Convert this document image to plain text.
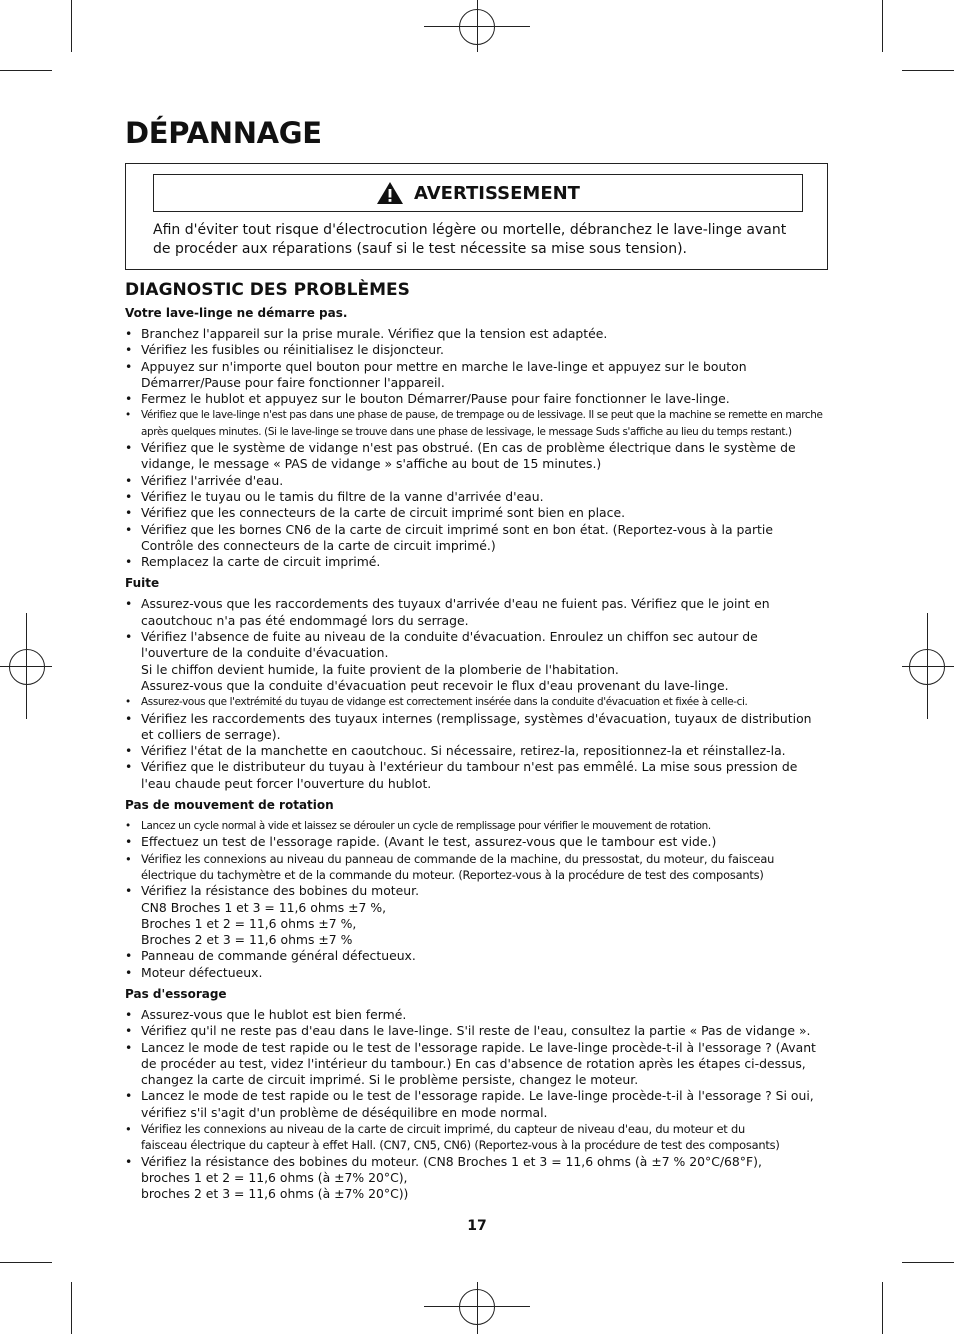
DÉPANNAGE
AVERTISSEMENT
Afin d'éviter tout risque d'électrocution légère ou mortelle, débranchez le lave-linge avant de procéder aux réparations (sauf si le test nécessite sa mise sous tension).
DIAGNOSTIC DES PROBLÈMES
Votre lave-linge ne démarre pas.
• Branchez l'appareil sur la prise murale. Vérifiez que la tension est adaptée.
• Vérifiez les fusibles ou réinitialisez le disjoncteur.
• Appuyez sur n'importe quel bouton pour mettre en marche le lave-linge et appuyez sur le bouton
Démarrer/Pause pour faire fonctionner l'appareil.
• Fermez le hublot et appuyez sur le bouton Démarrer/Pause pour faire fonctionner le lave-linge.
• Vérifiez que le lave-linge n'est pas dans une phase de pause, de trempage ou de lessivage. Il se peut que la machine se remette en marche
après quelques minutes. (Si le lave-linge se trouve dans une phase de lessivage, le message Suds s'affiche au lieu du temps restant.)
• Vérifiez que le système de vidange n'est pas obstrué. (En cas de problème électrique dans le système de
vidange, le message « PAS de vidange » s'affiche au bout de 15 minutes.)
• Vérifiez l'arrivée d'eau.
• Vérifiez le tuyau ou le tamis du filtre de la vanne d'arrivée d'eau.
• Vérifiez que les connecteurs de la carte de circuit imprimé sont bien en place.
• Vérifiez que les bornes CN6 de la carte de circuit imprimé sont en bon état. (Reportez-vous à la partie
Contrôle des connecteurs de la carte de circuit imprimé.)
• Remplacez la carte de circuit imprimé.
Fuite
• Assurez-vous que les raccordements des tuyaux d'arrivée d'eau ne fuient pas. Vérifiez que le joint en
caoutchouc n'a pas été endommagé lors du serrage.
• Vérifiez l'absence de fuite au niveau de la conduite d'évacuation. Enroulez un chiffon sec autour de
l'ouverture de la conduite d'évacuation.
Si le chiffon devient humide, la fuite provient de la plomberie de l'habitation.
Assurez-vous que la conduite d'évacuation peut recevoir le flux d'eau provenant du lave-linge.
• Assurez-vous que l'extrémité du tuyau de vidange est correctement insérée dans la conduite d'évacuation et fixée à celle-ci.
• Vérifiez les raccordements des tuyaux internes (remplissage, systèmes d'évacuation, tuyaux de distribution
et colliers de serrage).
• Vérifiez l'état de la manchette en caoutchouc. Si nécessaire, retirez-la, repositionnez-la et réinstallez-la.
• Vérifiez que le distributeur du tuyau à l'extérieur du tambour n'est pas emmêlé. La mise sous pression de
l'eau chaude peut forcer l'ouverture du hublot.
Pas de mouvement de rotation
• Lancez un cycle normal à vide et laissez se dérouler un cycle de remplissage pour vérifier le mouvement de rotation.
• Effectuez un test de l'essorage rapide. (Avant le test, assurez-vous que le tambour est vide.)
• Vérifiez les connexions au niveau du panneau de commande de la machine, du pressostat, du moteur, du faisceau
électrique du tachymètre et de la commande du moteur. (Reportez-vous à la procédure de test des composants)
• Vérifiez la résistance des bobines du moteur.
CN8 Broches 1 et 3 = 11,6 ohms ±7 %,
Broches 1 et 2 = 11,6 ohms ±7 %,
Broches 2 et 3 = 11,6 ohms ±7 %
• Panneau de commande général défectueux.
• Moteur défectueux.
Pas d'essorage
• Assurez-vous que le hublot est bien fermé.
• Vérifiez qu'il ne reste pas d'eau dans le lave-linge. S'il reste de l'eau, consultez la partie « Pas de vidange ».
• Lancez le mode de test rapide ou le test de l'essorage rapide. Le lave-linge procède-t-il à l'essorage ? (Avant
de procéder au test, videz l'intérieur du tambour.) En cas d'absence de rotation après les étapes ci-dessus,
changez la carte de circuit imprimé. Si le problème persiste, changez le moteur.
• Lancez le mode de test rapide ou le test de l'essorage rapide. Le lave-linge procède-t-il à l'essorage ? Si oui,
vérifiez s'il s'agit d'un problème de déséquilibre en mode normal.
• Vérifiez les connexions au niveau de la carte de circuit imprimé, du capteur de niveau d'eau, du moteur et du
faisceau électrique du capteur à effet Hall. (CN7, CN5, CN6) (Reportez-vous à la procédure de test des composants)
• Vérifiez la résistance des bobines du moteur. (CN8 Broches 1 et 3 = 11,6 ohms (à ±7 % 20°C/68°F),
broches 1 et 2 = 11,6 ohms (à ±7% 20°C),
broches 2 et 3 = 11,6 ohms (à ±7% 20°C))
17
